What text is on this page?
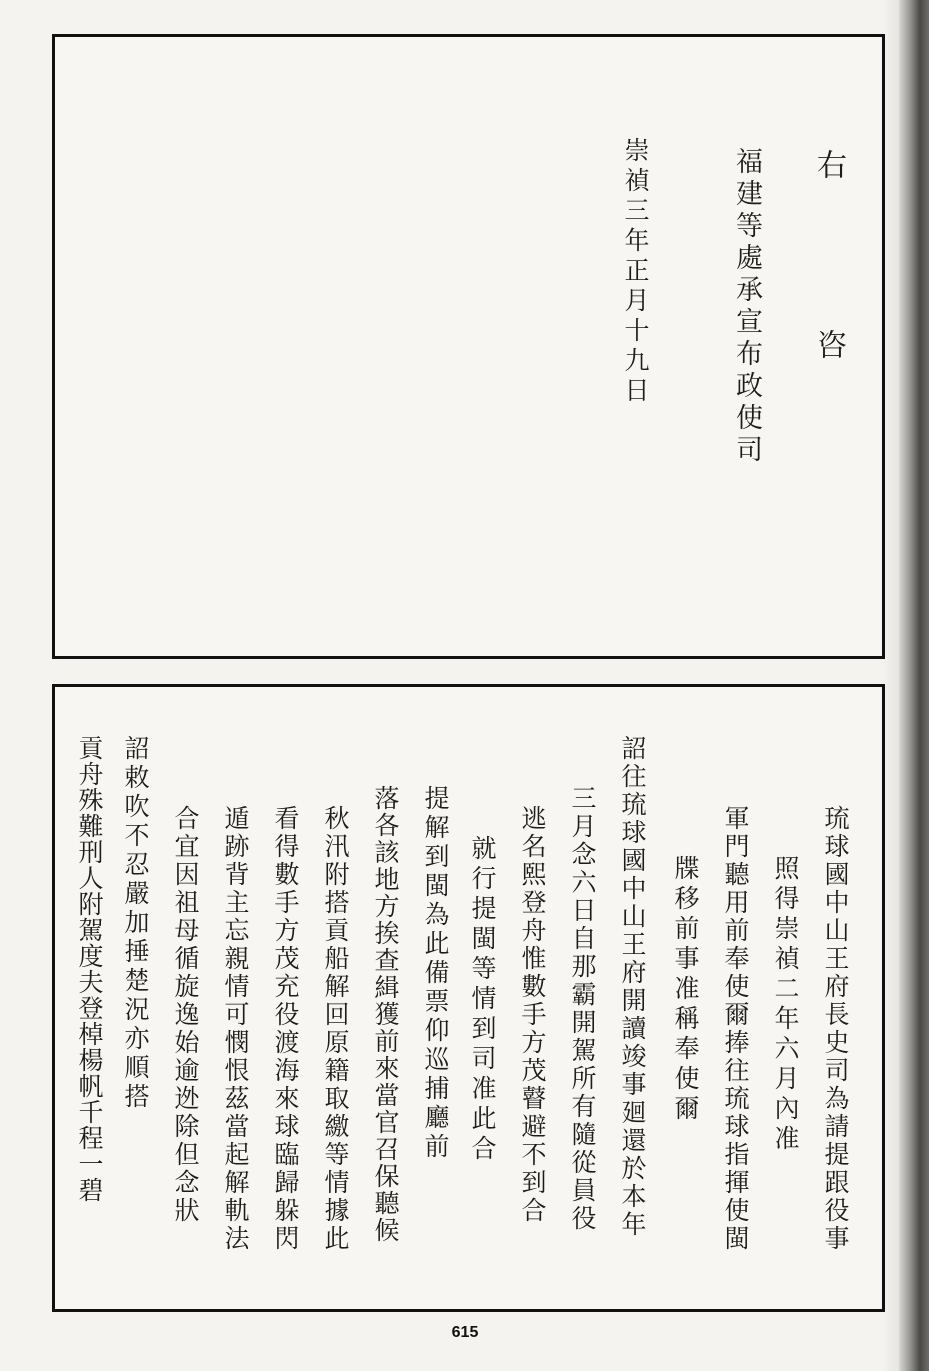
右　　　　咨
福建等處承宣布政使司
崇禎三年正月十九日
琉球國中山王府長史司為請提跟役事
照得崇禎二年六月內准
軍門聽用前奉使爾捧往琉球指揮使閩
牒移前事准稱奉使爾
詔往琉球國中山王府開讀竣事廻還於本年
三月念六日自那霸開駕所有隨從員役
逃名熙登舟惟數手方茂瞽避不到合
就行提閩等情到司准此合
提解到閩為此備票仰巡捕廳前
落各該地方挨查緝獲前來當官召保聽候
秋汛附搭貢船解回原籍取繳等情據此
看得數手方茂充役渡海來球臨歸躲閃
遁跡背主忘親情可憫恨茲當起解軌法
合宜因祖母循旋逸始逾迯除但念狀
詔敕吹不忍嚴加捶楚況亦順搭
貢舟殊難刑人附駕度夫登棹楊帆千程一碧
615
